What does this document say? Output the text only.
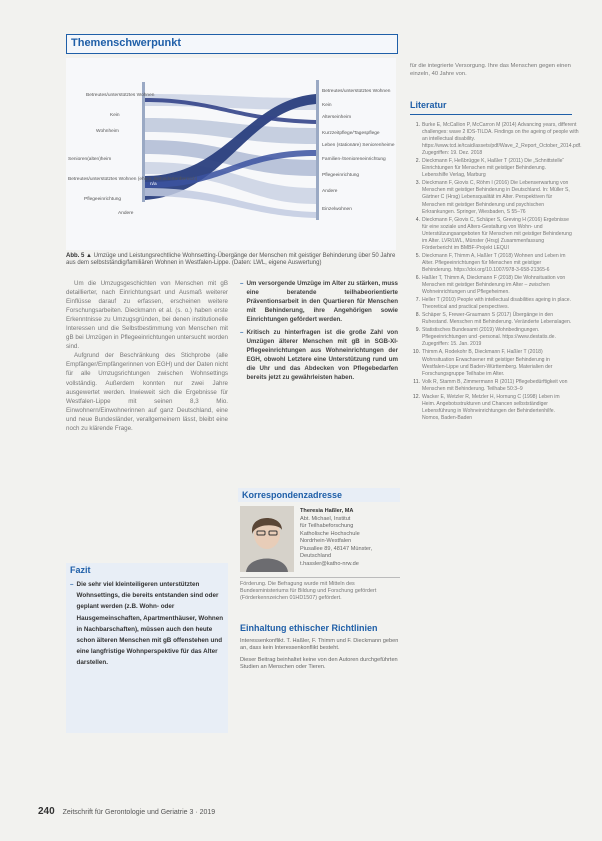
Themenschwerpunkt
Betreutes/unterstütztes Wohnen
Kein
Wohnheim
Senioren(alten)heim
Betreutes/unterstütztes Wohnen (ehem. Behindertenbereich)
Pflegeeinrichtung
Andere
Betreutes/unterstütztes Wohnen
Kein
Alterseinheim
Kurzzeitpflege/Tagespflege
Leben (stationäre) Seniorenheime
Familien-/Senioreneinrichtung
Pflegeeinrichtung
Andere
Einzelwohnen
n/a
Abb. 5 ▲ Umzüge und Leistungsrechtliche Wohnsetting-Übergänge der Menschen mit geistiger Behinderung über 50 Jahre aus dem selbstständig/familiären Wohnen in Westfalen-Lippe. (Daten: LWL, eigene Auswertung)

Um die Umzugsgeschichten von Menschen mit gB detaillierter, nach Einrichtungsart und Ausmaß weiterer Einflüsse darauf zu erfassen, erscheinen weitere Forschungsarbeiten. Dieckmann et al. (s. o.) haben erste Erkenntnisse zu Umzugsgründen, bei denen institutionelle Interessen und die Selbstbestimmung von Menschen mit gB bei Umzügen in Pflegeeinrichtungen untersucht worden sind.

Aufgrund der Beschränkung des Stichprobe (alle Empfänger/Empfängerinnen von EGH) und der Daten nicht für alle Umzugsrichtungen zwischen Wohnsettings vollständig. Außerdem konnten nur zwei Jahre ausgewertet werden. Inwieweit sich die Ergebnisse für Westfalen-Lippe mit seinen 8,3 Mio. Einwohnern/Einwohnerinnen auf ganz Deutschland, eine und neue Bundesländer, verallgemeinern lässt, bleibt eine noch zu klärende Frage.

– Um versorgende Umzüge im Alter zu stärken, muss eine beratende teilhabeorientierte Präventionsarbeit in den Quartieren für Menschen mit Behinderung, ihre Angehörigen sowie Einrichtungen gefördert werden.
– Kritisch zu hinterfragen ist die große Zahl von Umzügen älterer Menschen mit gB in SGB-XI-Pflegeeinrichtungen aus Wohneinrichtungen der EGH, obwohl Letztere eine Unterstützung rund um die Uhr und das Abdecken von Pflegebedarfen bereits jetzt zu gewährleisten haben.
Fazit
– Die sehr viel kleinteiligeren unterstützten Wohnsettings, die bereits entstanden sind oder geplant werden (z.B. Wohn- oder Hausgemeinschaften, Apartmenthäuser, Wohnen in Nachbarschaften), müssen auch den heute schon älteren Menschen mit gB offenstehen und eine langfristige Wohnperspektive für das Alter darstellen.
Korrespondenzadresse
Theresia Haßler, MA
Abt. Michael, Institut
für Teilhabeforschung
Katholische Hochschule
Nordrhein-Westfalen
Piusallee 89, 48147 Münster,
Deutschland
t.hassler@katho-nrw.de
Förderung. Die Befragung wurde mit Mitteln des Bundesministeriums für Bildung und Forschung gefördert (Förderkennzeichen 01HD1507) gefördert.
Einhaltung ethischer Richtlinien

Interessenkonflikt. T. Haßler, F. Thimm und F. Dieckmann geben an, dass kein Interessenkonflikt besteht.

Dieser Beitrag beinhaltet keine von den Autoren durchgeführten Studien an Menschen oder Tieren.

für die integrierte Versorgung. Ihre das Menschen gegen einen einzeln, 40 Jahre von.
Literatur
1. Burke E, McCallion P, McCarron M (2014) Advancing years, different challenges: wave 2 IDS-TILDA. Findings on the ageing of people with an intellectual disability. https://www.tcd.ie/tcaid/assets/pdf/Wave_2_Report_October_2014.pdf. Zugegriffen: 19. Dez. 2018
2. Dieckmann F, Heßbrügge K, Haßler T (2011) Die „Schnittstelle“ Einrichtungen für Menschen mit geistiger Behinderung. Lebenshilfe Verlag, Marburg
3. Dieckmann F, Giovis C, Röhm I (2016) Die Lebenserwartung von Menschen mit geistiger Behinderung in Deutschland. In: Müller S, Gärtner C (Hrsg) Lebensqualität im Alter. Perspektiven für Menschen mit geistiger Behinderung und psychischen Erkrankungen. Springer, Wiesbaden, S 55–76
4. Dieckmann F, Giovis C, Schäper S, Greving H (2016) Ergebnisse für eine soziale und Alters-Gestaltung von Wohn- und Unterstützungsangeboten für Menschen mit geistiger Behinderung im Alter. LVR/LWL, Münster (Hrsg) Zusammenfassung Förderbericht im BMBF-Projekt LEQUI
5. Dieckmann F, Thimm A, Haßler T (2018) Wohnen und Leben im Alter. Pflegeeinrichtungen für Menschen mit geistiger Behinderung. https://doi.org/10.1007/978-3-658-21365-6
6. Haßler T, Thimm A, Dieckmann F (2018) Die Wohnsituation von Menschen mit geistiger Behinderung im Alter – zwischen Wohneinrichtungen und Pflegeheimen.
7. Heller T (2010) People with intellectual disabilities ageing in place. Theoretical and practical perspectives.
8. Schäper S, Frewer-Graumann S (2017) Übergänge in den Ruhestand. Menschen mit Behinderung. Veränderte Lebenslagen.
9. Statistisches Bundesamt (2019) Wohnbedingungen. Pflegeeinrichtungen und -personal. https://www.destatis.de. Zugegriffen: 15. Jan. 2019
10. Thimm A, Rodekohr B, Dieckmann F, Haßler T (2018) Wohnsituation Erwachsener mit geistiger Behinderung in Westfalen-Lippe und Baden-Württemberg. Materialien der Forschungsgruppe Teilhabe im Alter.
11. Volk R, Stamm B, Zimmermann R (2011) Pflegebedürftigkeit von Menschen mit Behinderung. Teilhabe 50:3–9
12. Wacker E, Wetzler R, Metzler H, Hornung C (1998) Leben im Heim. Angebotsstrukturen und Chancen selbstständiger Lebensführung in Wohneinrichtungen der Behindertenhilfe. Nomos, Baden-Baden
240 Zeitschrift für Gerontologie und Geriatrie 3 · 2019
